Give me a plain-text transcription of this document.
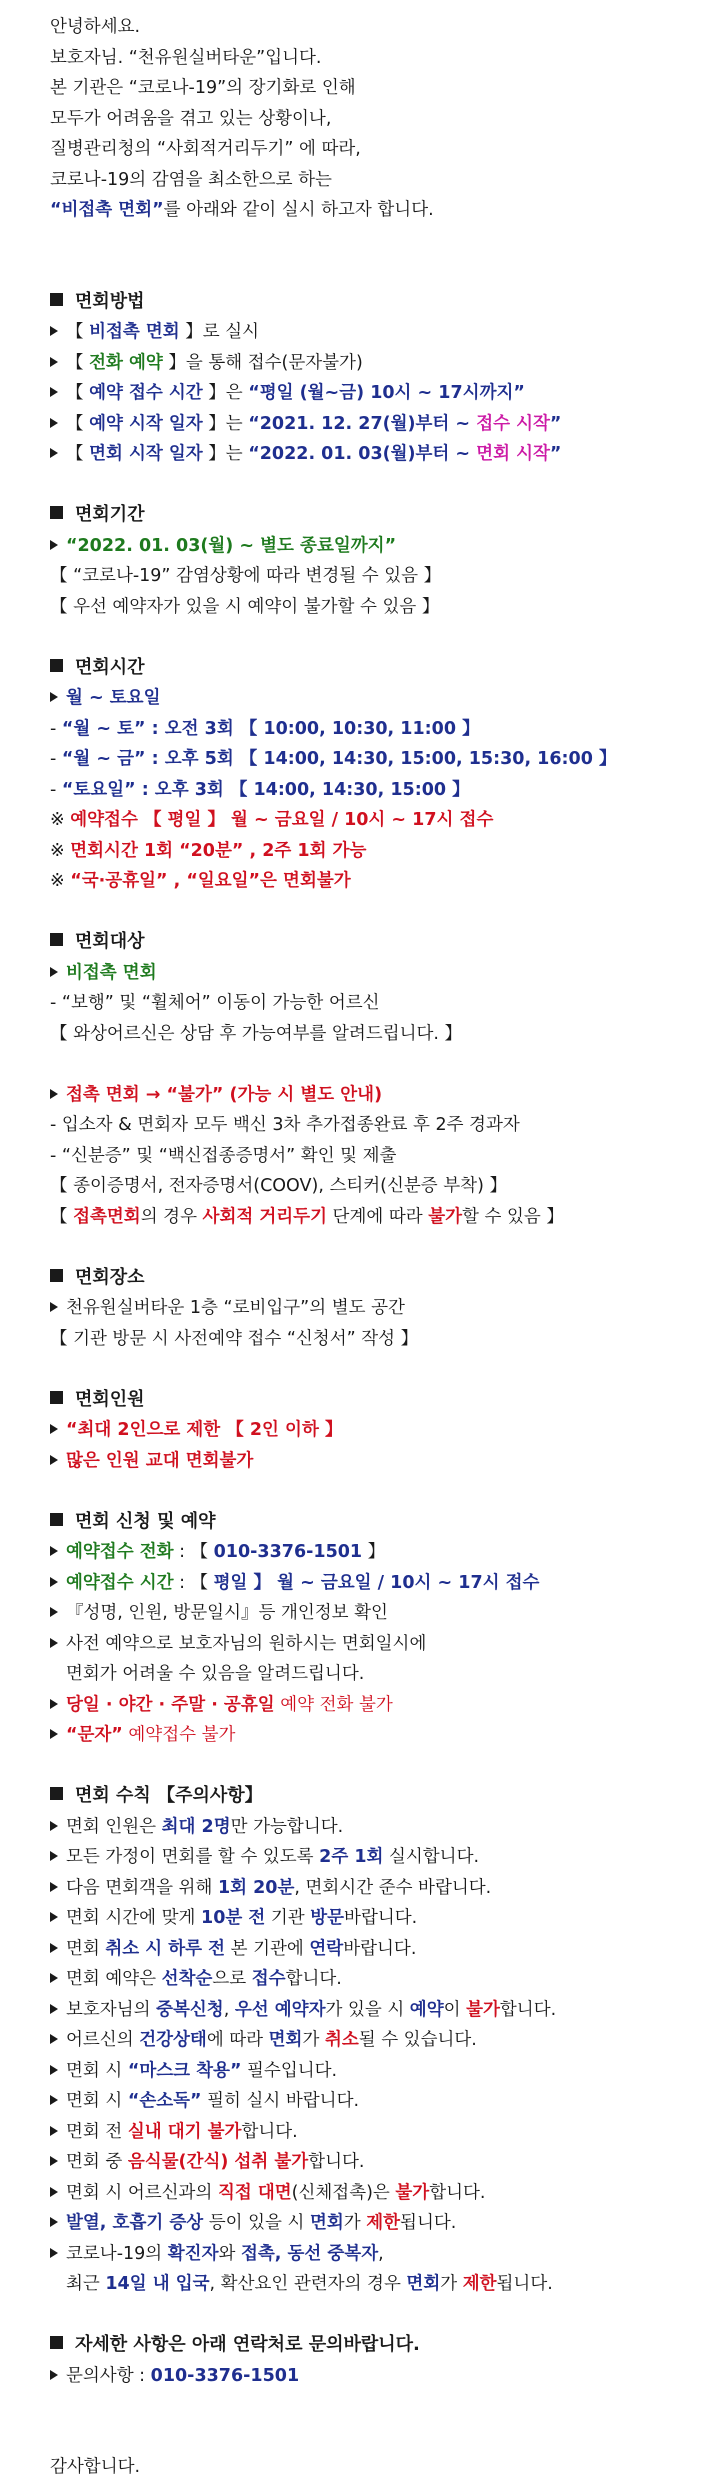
안녕하세요.
보호자님. “천유원실버타운”입니다.
본 기관은 “코로나-19”의 장기화로 인해
모두가 어려움을 겪고 있는 상황이나,
질병관리청의 “사회적거리두기” 에 따라,
코로나-19의 감염을 최소한으로 하는
“비접촉 면회”를 아래와 같이 실시 하고자 합니다.
면회방법
【 비접촉 면회 】로 실시
【 전화 예약 】을 통해 접수(문자불가)
【 예약 접수 시간 】은 “평일 (월~금) 10시 ~ 17시까지”
【 예약 시작 일자 】는 “2021. 12. 27(월)부터 ~ 접수 시작”
【 면회 시작 일자 】는 “2022. 01. 03(월)부터 ~ 면회 시작”
면회기간
“2022. 01. 03(월) ~ 별도 종료일까지”
【 “코로나-19” 감염상황에 따라 변경될 수 있음 】
【 우선 예약자가 있을 시 예약이 불가할 수 있음 】
면회시간
월 ~ 토요일
- “월 ~ 토” : 오전 3회 【 10:00, 10:30, 11:00 】
- “월 ~ 금” : 오후 5회 【 14:00, 14:30, 15:00, 15:30, 16:00 】
- “토요일” : 오후 3회 【 14:00, 14:30, 15:00 】
※ 예약접수 【 평일 】 월 ~ 금요일 / 10시 ~ 17시 접수
※ 면회시간 1회 “20분” , 2주 1회 가능
※ “국·공휴일” , “일요일”은 면회불가
면회대상
비접촉 면회
- “보행” 및 “휠체어” 이동이 가능한 어르신
【 와상어르신은 상담 후 가능여부를 알려드립니다. 】
접촉 면회 → “불가” (가능 시 별도 안내)
- 입소자 & 면회자 모두 백신 3차 추가접종완료 후 2주 경과자
- “신분증” 및 “백신접종증명서” 확인 및 제출
【 종이증명서, 전자증명서(COOV), 스티커(신분증 부착) 】
【 접촉면회의 경우 사회적 거리두기 단계에 따라 불가할 수 있음 】
면회장소
천유원실버타운 1층 “로비입구”의 별도 공간
【 기관 방문 시 사전예약 접수 “신청서” 작성 】
면회인원
“최대 2인으로 제한 【 2인 이하 】
많은 인원 교대 면회불가
면회 신청 및 예약
예약접수 전화 : 【 010-3376-1501 】
예약접수 시간 : 【 평일 】 월 ~ 금요일 / 10시 ~ 17시 접수
『성명, 인원, 방문일시』등 개인정보 확인
사전 예약으로 보호자님의 원하시는 면회일시에
면회가 어려울 수 있음을 알려드립니다.
당일 · 야간 · 주말 · 공휴일 예약 전화 불가
“문자” 예약접수 불가
면회 수칙 【주의사항】
면회 인원은 최대 2명만 가능합니다.
모든 가정이 면회를 할 수 있도록 2주 1회 실시합니다.
다음 면회객을 위해 1회 20분, 면회시간 준수 바랍니다.
면회 시간에 맞게 10분 전 기관 방문바랍니다.
면회 취소 시 하루 전 본 기관에 연락바랍니다.
면회 예약은 선착순으로 접수합니다.
보호자님의 중복신청, 우선 예약자가 있을 시 예약이 불가합니다.
어르신의 건강상태에 따라 면회가 취소될 수 있습니다.
면회 시 “마스크 착용” 필수입니다.
면회 시 “손소독” 필히 실시 바랍니다.
면회 전 실내 대기 불가합니다.
면회 중 음식물(간식) 섭취 불가합니다.
면회 시 어르신과의 직접 대면(신체접촉)은 불가합니다.
발열, 호흡기 증상 등이 있을 시 면회가 제한됩니다.
코로나-19의 확진자와 접촉, 동선 중복자,
최근 14일 내 입국, 확산요인 관련자의 경우 면회가 제한됩니다.
자세한 사항은 아래 연락처로 문의바랍니다.
문의사항 : 010-3376-1501
감사합니다.
